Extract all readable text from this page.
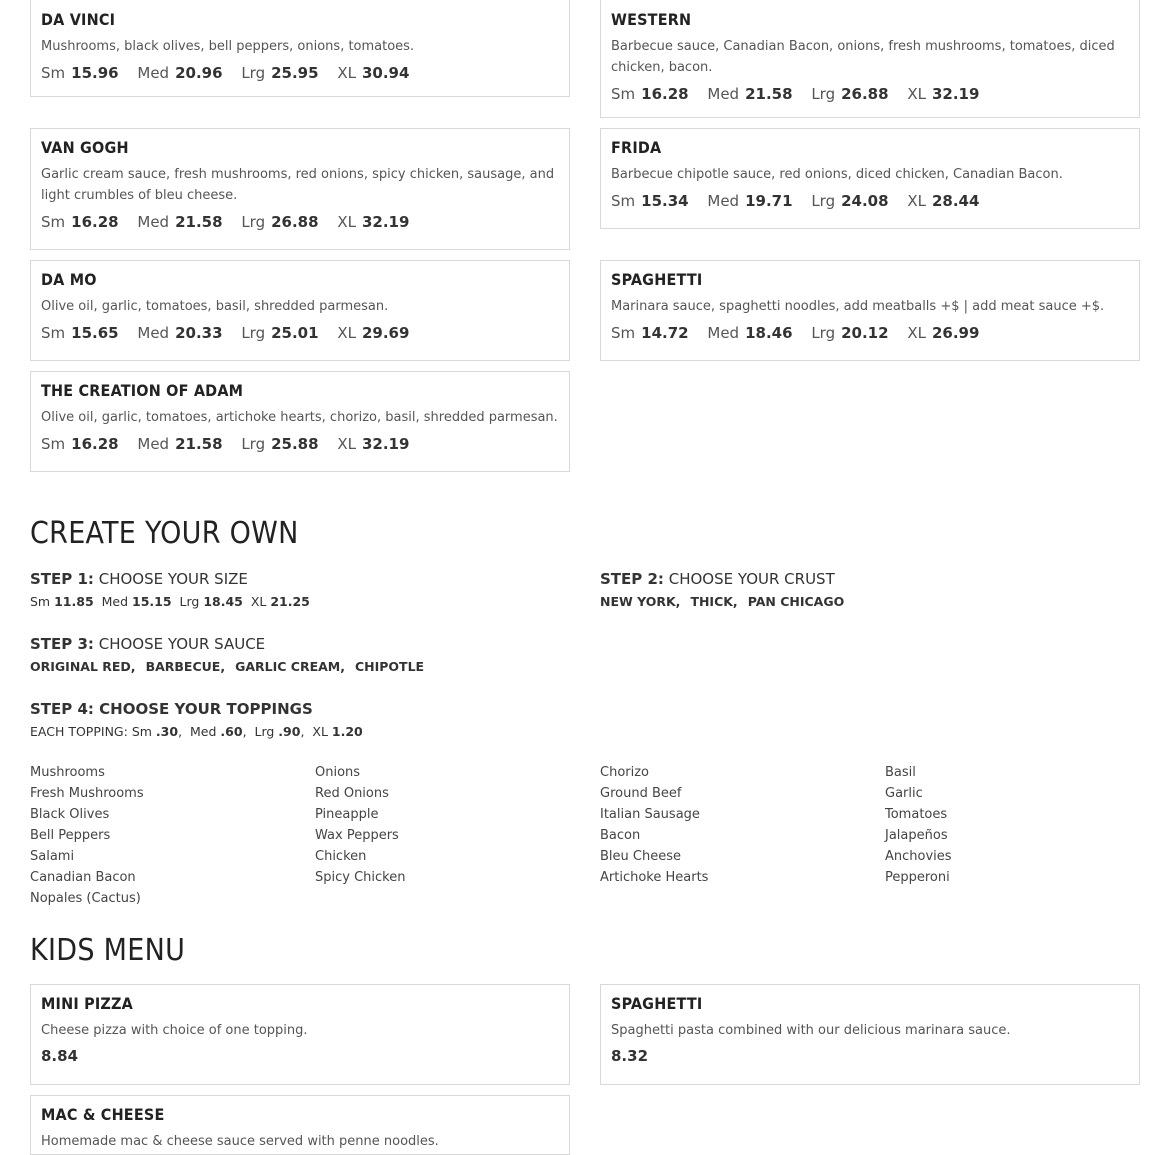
DA VINCI
Mushrooms, black olives, bell peppers, onions, tomatoes.
Sm 15.96 Med 20.96 Lrg 25.95 XL 30.94
WESTERN
Barbecue sauce, Canadian Bacon, onions, fresh mushrooms, tomatoes, diced chicken, bacon.
Sm 16.28 Med 21.58 Lrg 26.88 XL 32.19
VAN GOGH
Garlic cream sauce, fresh mushrooms, red onions, spicy chicken, sausage, and light crumbles of bleu cheese.
Sm 16.28 Med 21.58 Lrg 26.88 XL 32.19
FRIDA
Barbecue chipotle sauce, red onions, diced chicken, Canadian Bacon.
Sm 15.34 Med 19.71 Lrg 24.08 XL 28.44
DA MO
Olive oil, garlic, tomatoes, basil, shredded parmesan.
Sm 15.65 Med 20.33 Lrg 25.01 XL 29.69
SPAGHETTI
Marinara sauce, spaghetti noodles, add meatballs +$ | add meat sauce +$.
Sm 14.72 Med 18.46 Lrg 20.12 XL 26.99
THE CREATION OF ADAM
Olive oil, garlic, tomatoes, artichoke hearts, chorizo, basil, shredded parmesan.
Sm 16.28 Med 21.58 Lrg 25.88 XL 32.19
CREATE YOUR OWN
STEP 1: CHOOSE YOUR SIZE
Sm 11.85 Med 15.15 Lrg 18.45 XL 21.25
STEP 2: CHOOSE YOUR CRUST
NEW YORK, THICK, PAN CHICAGO
STEP 3: CHOOSE YOUR SAUCE
ORIGINAL RED, BARBECUE, GARLIC CREAM, CHIPOTLE
STEP 4: CHOOSE YOUR TOPPINGS
EACH TOPPING: Sm .30,  Med .60,  Lrg .90,  XL 1.20
Mushrooms
Fresh Mushrooms
Black Olives
Bell Peppers
Salami
Canadian Bacon
Nopales (Cactus)
Onions
Red Onions
Pineapple
Wax Peppers
Chicken
Spicy Chicken
Chorizo
Ground Beef
Italian Sausage
Bacon
Bleu Cheese
Artichoke Hearts
Basil
Garlic
Tomatoes
Jalapeños
Anchovies
Pepperoni
KIDS MENU
MINI PIZZA
Cheese pizza with choice of one topping.
8.84
SPAGHETTI
Spaghetti pasta combined with our delicious marinara sauce.
8.32
MAC & CHEESE
Homemade mac & cheese sauce served with penne noodles.
